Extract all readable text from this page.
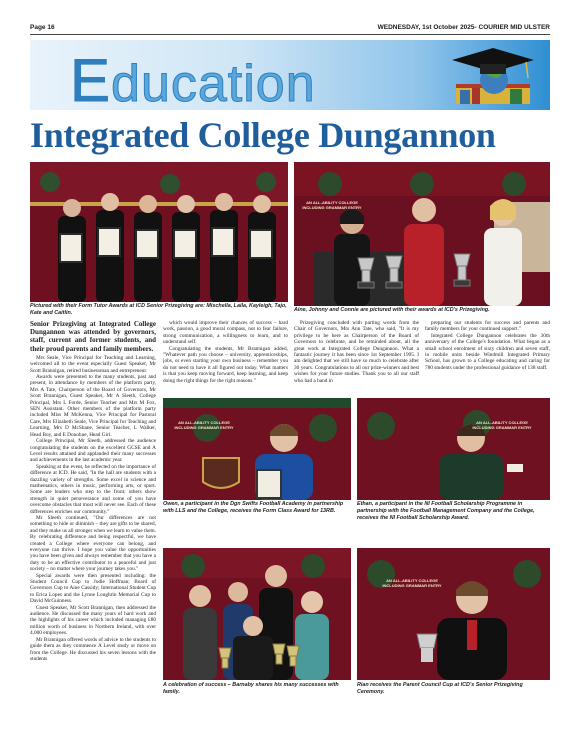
Page 16	WEDNESDAY, 1st October 2025- COURIER MID ULSTER
Education
Integrated College Dungannon
Pictured with their Form Tutor Awards at ICD Senior Prizegiving are: Mischella, Laila, Kayleigh, Tajo, Kate and Caitlin.	Aine, Johnny and Connie are pictured with their awards at ICD's Prizegiving.

Senior Prizegiving at Integrated College Dungannon was attended by governors, staff, current and former students, and their proud parents and family members.

Mrs Seale, Vice Principal for Teaching and Learning, welcomed all to the event especially Guest Speaker, Mr Scott Brannigan, retired businessman and entrepreneur.

Awards were presented to the many students, past and present, in attendance by members of the platform party, Mrs A Tate, Chairperson of the Board of Governors, Mr Scott Brannigan, Guest Speaker, Mr A Sleeth, College Principal, Mrs L Forde, Senior Teacher and Mrs M Fox, SEN Assistant. Other members of the platform party included Miss M McKenna, Vice Principal for Pastoral Care, Mrs Elizabeth Seale, Vice Principal for Teaching and Learning, Mrs D McShane, Senior Teacher, L Walker, Head Boy, and E Donohue, Head Girl.

College Principal, Mr Sleeth, addressed the audience congratulating the students on the excellent GCSE and A Level results attained and applauded their many successes and achievements in the last academic year.

Speaking at the event, he reflected on the importance of difference at ICD. He said, "In the hall are students with a dazzling variety of strengths. Some excel in science and mathematics, others in music, performing arts, or sport. Some are leaders who step to the front; others show strength in quiet perseverance and some of you have overcome obstacles that most will never see. Each of these differences enriches our community."

Mr Sleeth continued, "Our differences are not something to hide or diminish – they are gifts to be shared, and they make us all stronger when we learn to value them. By celebrating difference and being respectful, we have created a College where everyone can belong, and everyone can thrive. I hope you value the opportunities you have been given and always remember that you have a duty to be an effective contributor to a peaceful and just society – no matter where your journey takes you."

Special awards were then presented including: the Student Council Cup to Jodie Hoffman; Board of Governors Cup to Aine Cassidy; International Student Cup to Erica Lopes and the Lynne Loughrin Memorial Cup to David McGuinness.

Guest Speaker, Mr Scott Brannigan, then addressed the audience. He discussed the many years of hard work and the highlights of his career which included managing £80 million worth of business in Northern Ireland, with over 4,000 employees.

Mr Brannigan offered words of advice to the students to guide them as they commence A Level study or move on from the College. He discussed his seven lessons with the students

which would improve their chances of success – hard work, passion, a good moral compass, not to fear failure, strong communication, a willingness to learn, and to understand self.

Congratulating the students, Mr Brannigan added, "Whatever path you choose – university, apprenticeships, jobs, or even starting your own business – remember you do not need to have it all figured out today. What matters is that you keep moving forward, keep learning, and keep doing the right things for the right reasons."

Prizegiving concluded with parting words from the Chair of Governors, Mrs Ann Tate, who said, "It is my privilege to be here as Chairperson of the Board of Governors to celebrate, and be reminded about, all the great work at Integrated College Dungannon. What a fantastic journey it has been since 1st September 1995. I am delighted that we still have so much to celebrate after 30 years. Congratulations to all our prize-winners and best wishes for your future studies. Thank you to all our staff who had a hand in

preparing our students for success and parents and family members for your continued support."

Integrated College Dungannon celebrates the 30th anniversary of the College's foundation. What began as a small school enrolment of sixty children and seven staff, in mobile units beside Windmill Integrated Primary School, has grown to a College educating and caring for 780 students under the professional guidance of 138 staff.

Owen, a participant in the Dgn Swifts Football Academy in partnership with LLS and the College, receives the Form Class Award for 13RB.
Ethan, a participant in the NI Football Scholarship Programme in partnership with the Football Management Company and the College, receives the NI Football Scholarship Award.
A celebration of success – Barnaby shares his many successes with family.
Rian receives the Parent Council Cup at ICD's Senior Prizegiving Ceremony.
AN ALL-ABILITY COLLEGE INCLUDING GRAMMAR ENTRY
AN ALL-ABILITY COLLEGE INCLUDING GRAMMAR ENTRY
AN ALL-ABILITY COLLEGE INCLUDING GRAMMAR ENTRY
AN ALL-ABILITY COLLEGE INCLUDING GRAMMAR ENTRY
